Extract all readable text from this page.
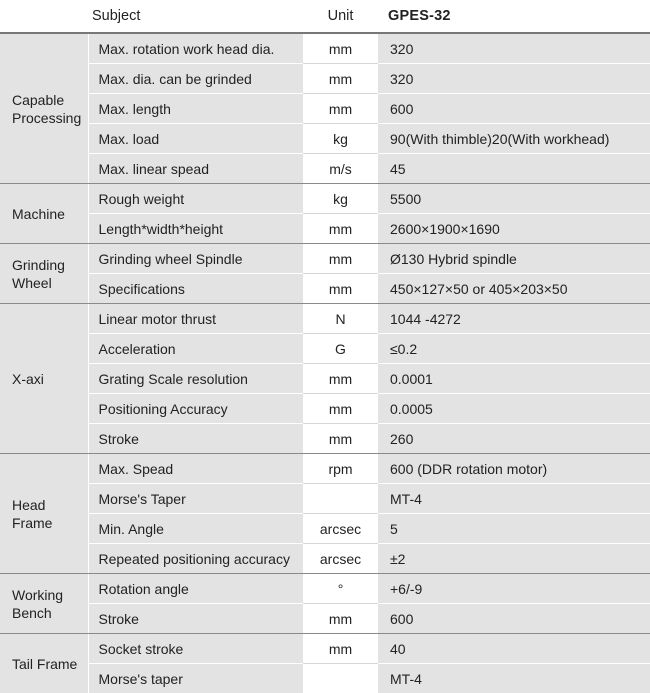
	Subject	Unit	GPES-32
Capable Processing	Max. rotation work head dia.	mm	320
	Max. dia. can be grinded	mm	320
	Max. length	mm	600
	Max. load	kg	90(With thimble)20(With workhead)
	Max. linear spead	m/s	45
Machine	Rough weight	kg	5500
	Length*width*height	mm	2600×1900×1690
Grinding Wheel	Grinding wheel Spindle	mm	Ø130 Hybrid spindle
	Specifications	mm	450×127×50 or 405×203×50
X-axi	Linear motor thrust	N	1044 -4272
	Acceleration	G	≤0.2
	Grating Scale resolution	mm	0.0001
	Positioning Accuracy	mm	0.0005
	Stroke	mm	260
Head Frame	Max. Spead	rpm	600 (DDR rotation motor)
	Morse's Taper		MT-4
	Min. Angle	arcsec	5
	Repeated positioning accuracy	arcsec	±2
Working Bench	Rotation angle	°	+6/-9
	Stroke	mm	600
Tail Frame	Socket stroke	mm	40
	Morse's taper		MT-4
